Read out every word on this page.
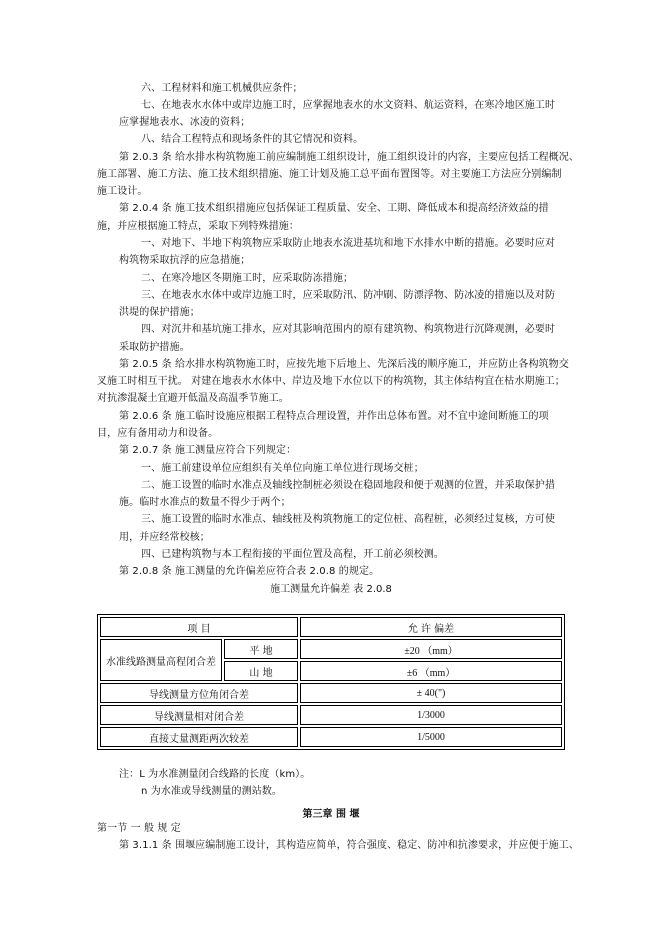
六、工程材料和施工机械供应条件；
七、在地表水水体中或岸边施工时，应掌握地表水的水文资料、航运资料，在寒冷地区施工时
应掌握地表水、冰凌的资料；
八、结合工程特点和现场条件的其它情况和资料。
第 2.0.3 条 给水排水构筑物施工前应编制施工组织设计，施工组织设计的内容，主要应包括工程概况、
施工部署、施工方法、施工技术组织措施、施工计划及施工总平面布置图等。对主要施工方法应分别编制
施工设计。
第 2.0.4 条 施工技术组织措施应包括保证工程质量、安全、工期、降低成本和提高经济效益的措
施，并应根据施工特点，采取下列特殊措施：
一、对地下、半地下构筑物应采取防止地表水流进基坑和地下水排水中断的措施。必要时应对
构筑物采取抗浮的应急措施；
二、在寒冷地区冬期施工时，应采取防冻措施；
三、在地表水水体中或岸边施工时，应采取防汛、防冲刷、防漂浮物、防冰凌的措施以及对防
洪堤的保护措施；
四、对沉井和基坑施工排水，应对其影响范围内的原有建筑物、构筑物进行沉降观测，必要时
采取防护措施。
第 2.0.5 条 给水排水构筑物施工时，应按先地下后地上、先深后浅的顺序施工，并应防止各构筑物交
叉施工时相互干扰。 对建在地表水水体中、岸边及地下水位以下的构筑物，其主体结构宜在枯水期施工；
对抗渗混凝土宜避开低温及高温季节施工。
第 2.0.6 条 施工临时设施应根据工程特点合理设置，并作出总体布置。对不宜中途间断施工的项
目，应有备用动力和设备。
第 2.0.7 条 施工测量应符合下列规定：
一、施工前建设单位应组织有关单位向施工单位进行现场交桩；
二、施工设置的临时水准点及轴线控制桩必须设在稳固地段和便于观测的位置，并采取保护措
施。临时水准点的数量不得少于两个；
三、施工设置的临时水准点、轴线桩及构筑物施工的定位桩、高程桩，必须经过复核，方可使
用，并应经常校核；
四、已建构筑物与本工程衔接的平面位置及高程，开工前必须校测。
第 2.0.8 条 施工测量的允许偏差应符合表 2.0.8 的规定。
施工测量允许偏差 表 2.0.8
项 目		允 许 偏差
水准线路测量高程闭合差	平 地	±20 （mm）
	山 地	±6 （mm）
导线测量方位角闭合差		± 40(")
导线测量相对闭合差		1/3000
直接丈量测距两次较差		1/5000
注：L 为水准测量闭合线路的长度（km）。
n 为水准或导线测量的测站数。
第三章 围 堰
第一节 一 般 规 定
第 3.1.1 条 围堰应编制施工设计，其构造应简单，符合强度、稳定、防冲和抗渗要求，并应便于施工、
